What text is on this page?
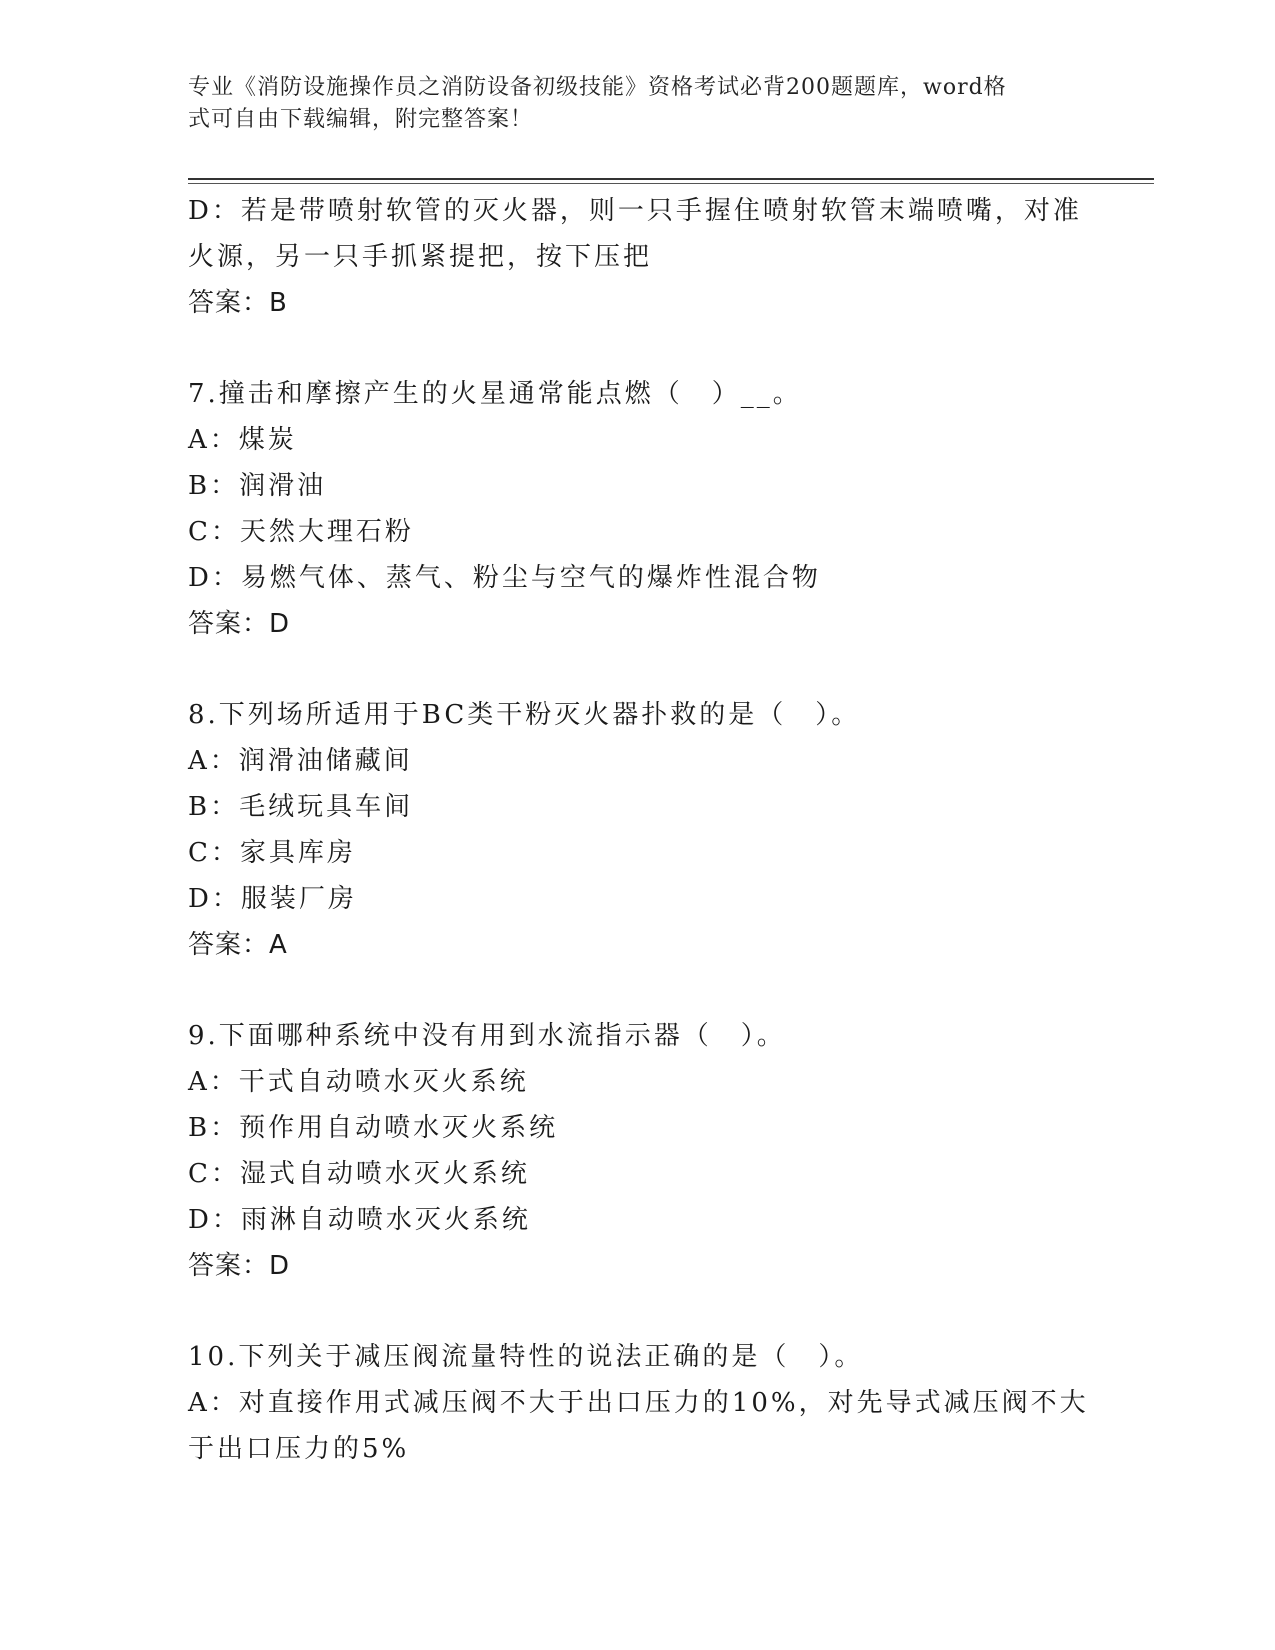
专业《消防设施操作员之消防设备初级技能》资格考试必背200题题库，word格
式可自由下载编辑，附完整答案！
D：若是带喷射软管的灭火器，则一只手握住喷射软管末端喷嘴，对准
火源，另一只手抓紧提把，按下压把
答案：B
7.撞击和摩擦产生的火星通常能点燃（　）__。
A：煤炭
B：润滑油
C：天然大理石粉
D：易燃气体、蒸气、粉尘与空气的爆炸性混合物
答案：D
8.下列场所适用于BC类干粉灭火器扑救的是（　）。
A：润滑油储藏间
B：毛绒玩具车间
C：家具库房
D：服装厂房
答案：A
9.下面哪种系统中没有用到水流指示器（　）。
A：干式自动喷水灭火系统
B：预作用自动喷水灭火系统
C：湿式自动喷水灭火系统
D：雨淋自动喷水灭火系统
答案：D
10.下列关于减压阀流量特性的说法正确的是（　）。
A：对直接作用式减压阀不大于出口压力的10%，对先导式减压阀不大
于出口压力的5%
